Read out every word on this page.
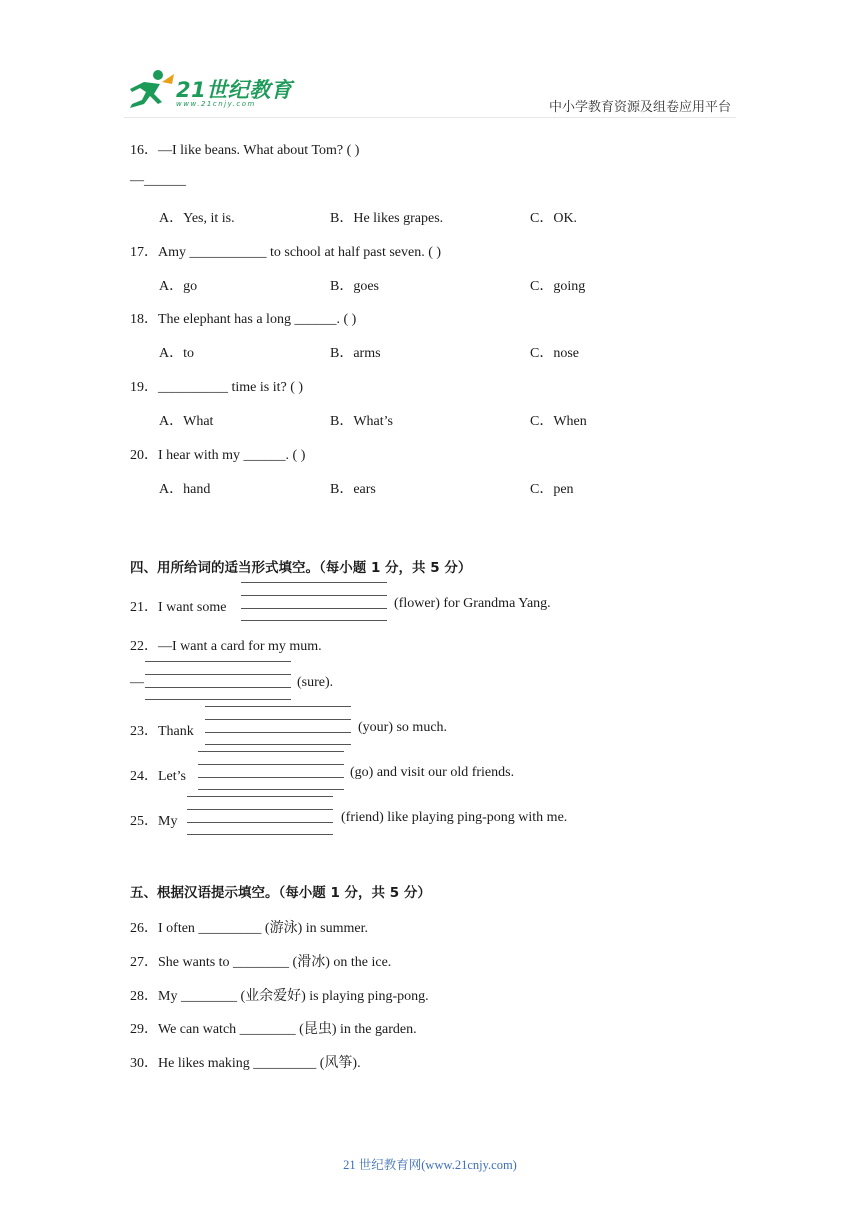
21世纪教育
www.21cnjy.com	中小学教育资源及组卷应用平台
16．—I like beans. What about Tom? ( )
—______
A．Yes, it is.	B．He likes grapes.	C．OK.
17．Amy ___________ to school at half past seven. ( )
A．go	B．goes	C．going
18．The elephant has a long ______. ( )
A．to	B．arms	C．nose
19．__________ time is it? ( )
A．What	B．What’s	C．When
20．I hear with my ______. ( )
A．hand	B．ears	C．pen
四、用所给词的适当形式填空。（每小题 1 分，共 5 分）
21．I want some	(flower) for Grandma Yang.
22．—I want a card for my mum.
—	(sure).
23．Thank	(your) so much.
24．Let’s	(go) and visit our old friends.
25．My	(friend) like playing ping-pong with me.
五、根据汉语提示填空。（每小题 1 分，共 5 分）
26．I often _________ (游泳) in summer.
27．She wants to ________ (滑冰) on the ice.
28．My ________ (业余爱好) is playing ping-pong.
29．We can watch ________ (昆虫) in the garden.
30．He likes making _________ (风筝).
21 世纪教育网(www.21cnjy.com)
